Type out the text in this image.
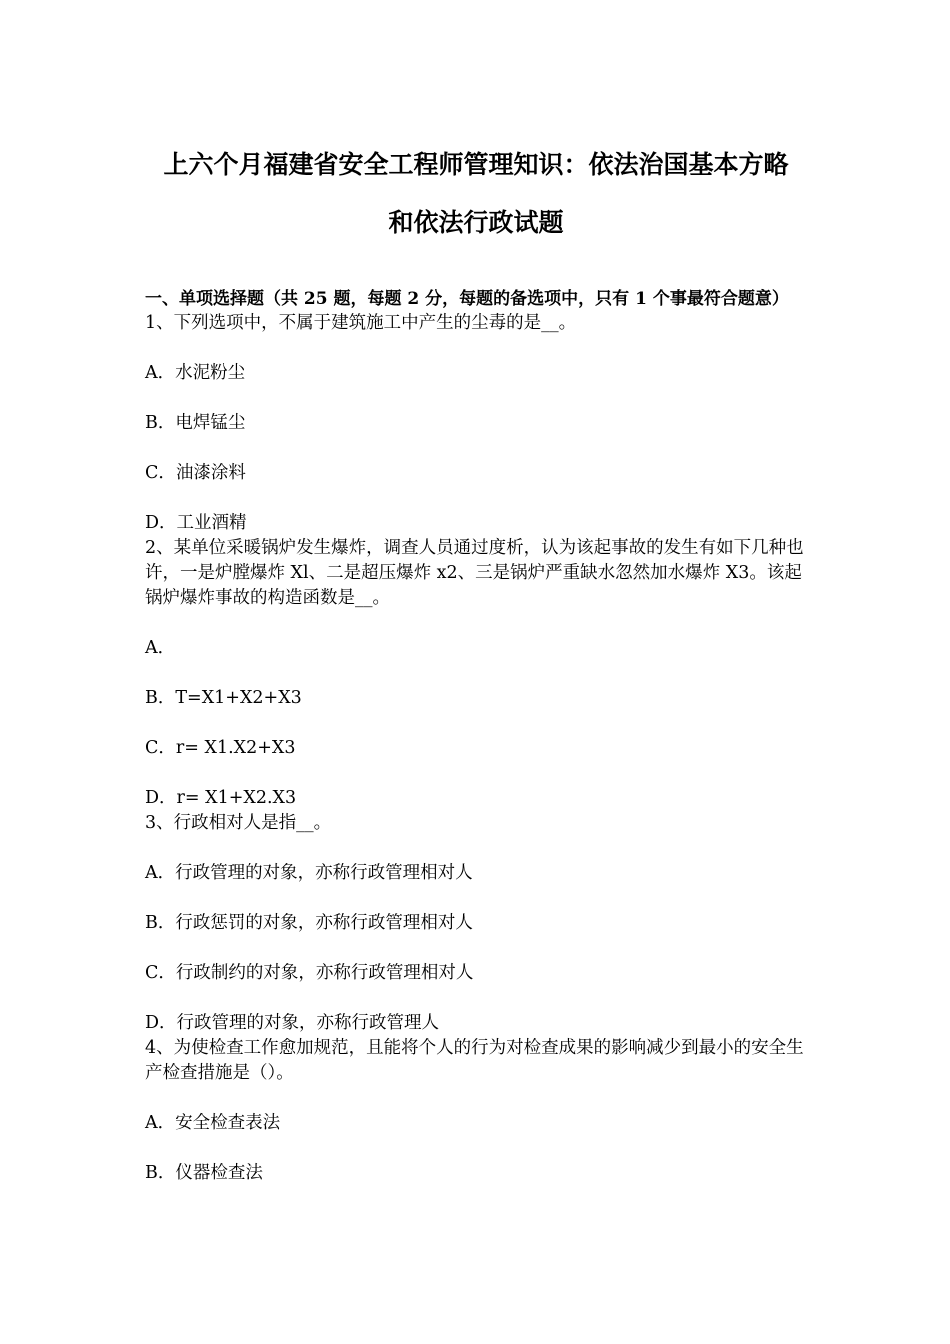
上六个月福建省安全工程师管理知识：依法治国基本方略
和依法行政试题
一、单项选择题（共 25 题，每题 2 分，每题的备选项中，只有 1 个事最符合题意）
1、下列选项中，不属于建筑施工中产生的尘毒的是__。
A．水泥粉尘
B．电焊锰尘
C．油漆涂料
D．工业酒精
2、某单位采暖锅炉发生爆炸，调查人员通过度析，认为该起事故的发生有如下几种也许，一是炉膛爆炸 Xl、二是超压爆炸 x2、三是锅炉严重缺水忽然加水爆炸 X3。该起锅炉爆炸事故的构造函数是__。
A．
B．T=X1+X2+X3
C．r= X1.X2+X3
D．r= X1+X2.X3
3、行政相对人是指__。
A．行政管理的对象，亦称行政管理相对人
B．行政惩罚的对象，亦称行政管理相对人
C．行政制约的对象，亦称行政管理相对人
D．行政管理的对象，亦称行政管理人
4、为使检查工作愈加规范，且能将个人的行为对检查成果的影响减少到最小的安全生产检查措施是（）。
A．安全检查表法
B．仪器检查法
